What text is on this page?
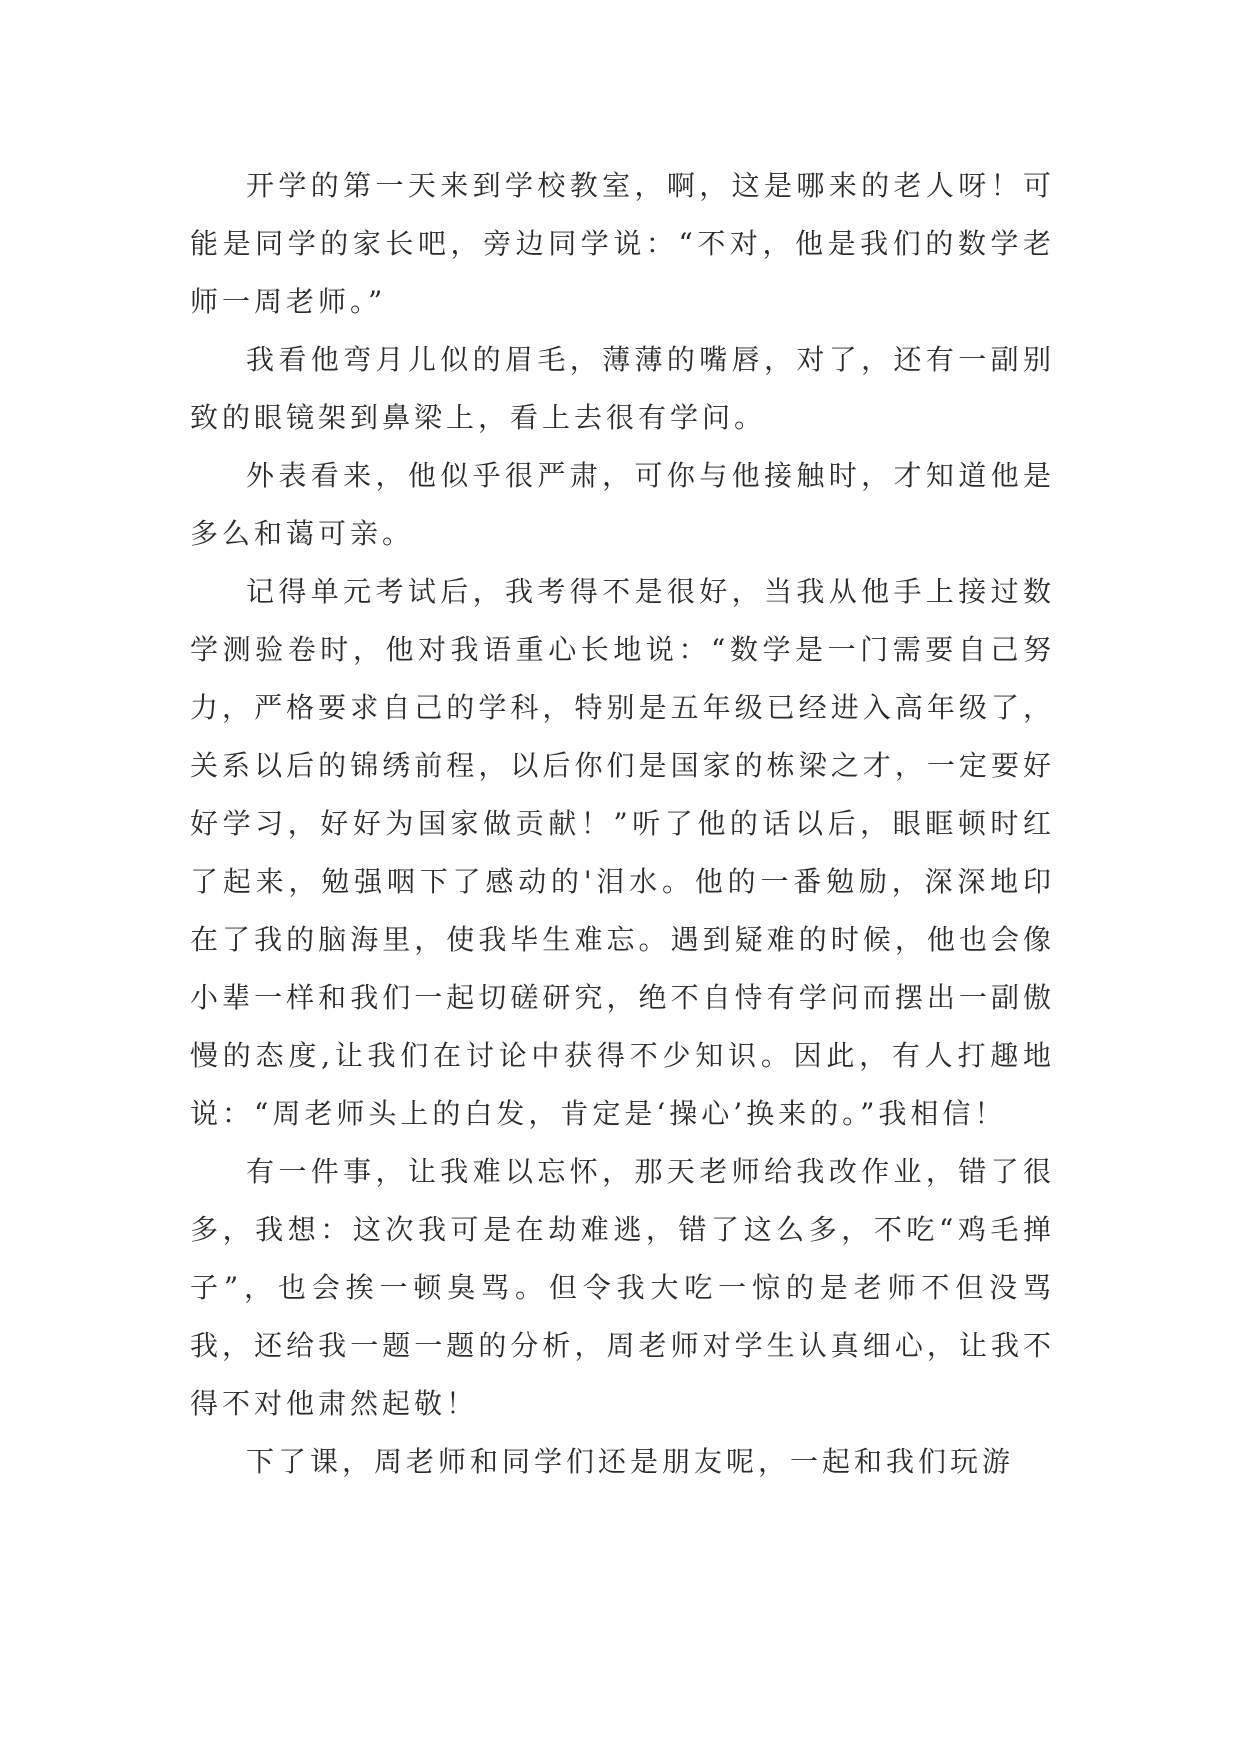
开学的第一天来到学校教室，啊，这是哪来的老人呀！可能是同学的家长吧，旁边同学说：“不对，他是我们的数学老师一周老师。”

我看他弯月儿似的眉毛，薄薄的嘴唇，对了，还有一副别致的眼镜架到鼻梁上，看上去很有学问。

外表看来，他似乎很严肃，可你与他接触时，才知道他是多么和蔼可亲。

记得单元考试后，我考得不是很好，当我从他手上接过数学测验卷时，他对我语重心长地说：“数学是一门需要自己努力，严格要求自己的学科，特别是五年级已经进入高年级了，关系以后的锦绣前程，以后你们是国家的栋梁之才，一定要好好学习，好好为国家做贡献！”听了他的话以后，眼眶顿时红了起来，勉强咽下了感动的'泪水。他的一番勉励，深深地印在了我的脑海里，使我毕生难忘。遇到疑难的时候，他也会像小辈一样和我们一起切磋研究，绝不自恃有学问而摆出一副傲慢的态度,让我们在讨论中获得不少知识。因此，有人打趣地说：“周老师头上的白发，肯定是‘操心’换来的。”我相信！

有一件事，让我难以忘怀，那天老师给我改作业，错了很多，我想：这次我可是在劫难逃，错了这么多，不吃“鸡毛掸子”，也会挨一顿臭骂。但令我大吃一惊的是老师不但没骂我，还给我一题一题的分析，周老师对学生认真细心，让我不得不对他肃然起敬！

下了课，周老师和同学们还是朋友呢，一起和我们玩游
